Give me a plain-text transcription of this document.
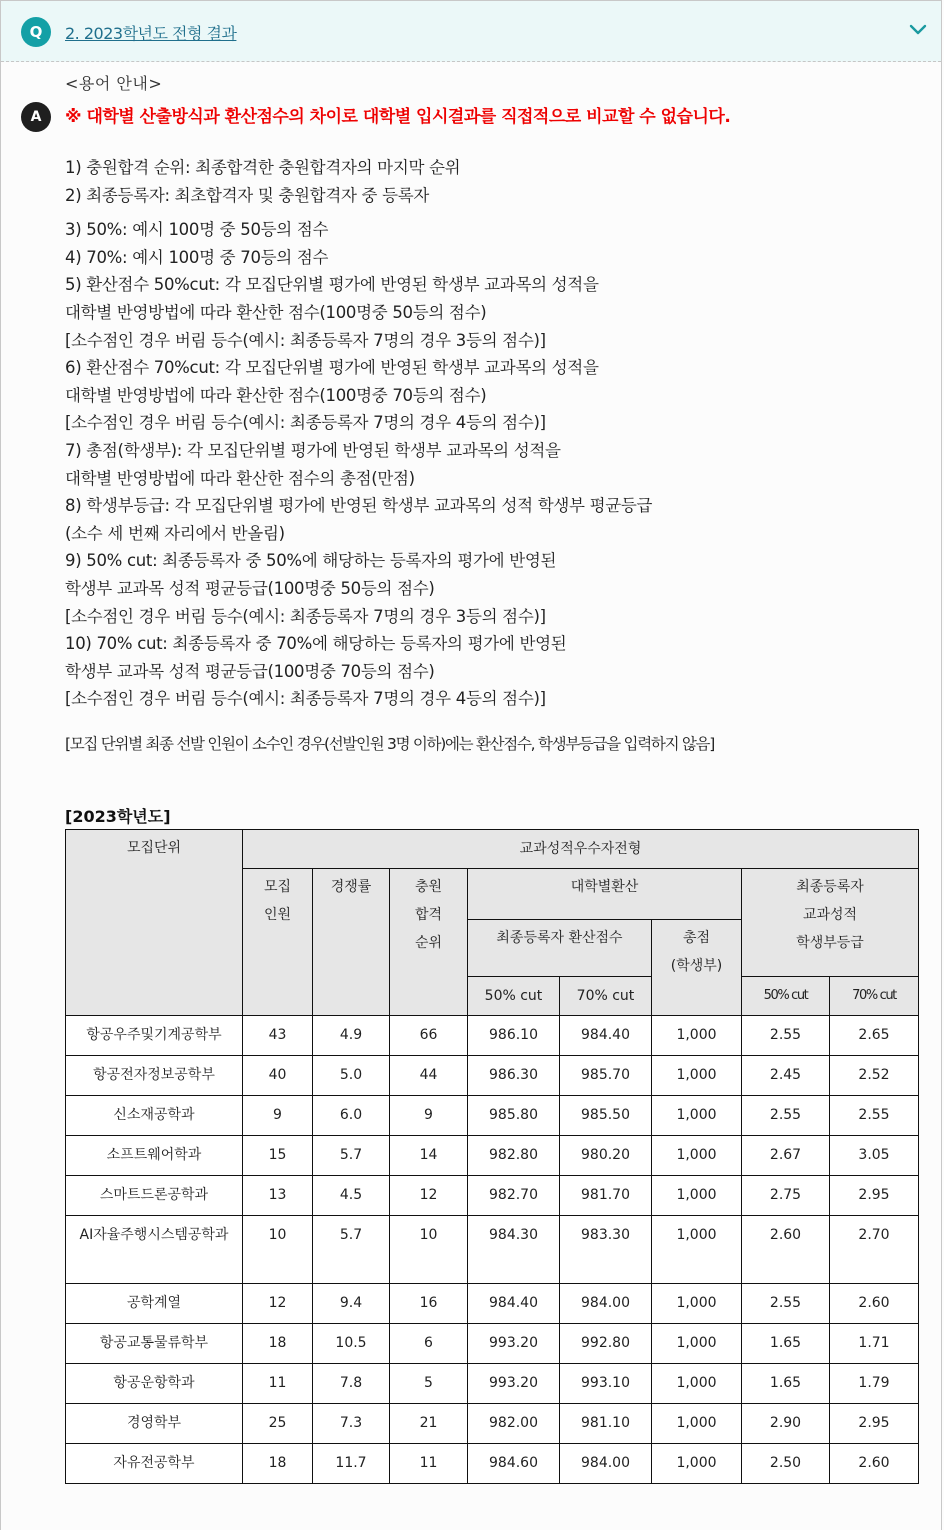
Q	2. 2023학년도 전형 결과
A
<용어 안내>
※ 대학별 산출방식과 환산점수의 차이로 대학별 입시결과를 직접적으로 비교할 수 없습니다.
1) 충원합격 순위: 최종합격한 충원합격자의 마지막 순위
2) 최종등록자: 최초합격자 및 충원합격자 중 등록자
3) 50%: 예시 100명 중 50등의 점수
4) 70%: 예시 100명 중 70등의 점수
5) 환산점수 50%cut: 각 모집단위별 평가에 반영된 학생부 교과목의 성적을
대학별 반영방법에 따라 환산한 점수(100명중 50등의 점수)
[소수점인 경우 버림 등수(예시: 최종등록자 7명의 경우 3등의 점수)]
6) 환산점수 70%cut: 각 모집단위별 평가에 반영된 학생부 교과목의 성적을
대학별 반영방법에 따라 환산한 점수(100명중 70등의 점수)
[소수점인 경우 버림 등수(예시: 최종등록자 7명의 경우 4등의 점수)]
7) 총점(학생부): 각 모집단위별 평가에 반영된 학생부 교과목의 성적을
대학별 반영방법에 따라 환산한 점수의 총점(만점)
8) 학생부등급: 각 모집단위별 평가에 반영된 학생부 교과목의 성적 학생부 평균등급
(소수 세 번째 자리에서 반올림)
9) 50% cut: 최종등록자 중 50%에 해당하는 등록자의 평가에 반영된
학생부 교과목 성적 평균등급(100명중 50등의 점수)
[소수점인 경우 버림 등수(예시: 최종등록자 7명의 경우 3등의 점수)]
10) 70% cut: 최종등록자 중 70%에 해당하는 등록자의 평가에 반영된
학생부 교과목 성적 평균등급(100명중 70등의 점수)
[소수점인 경우 버림 등수(예시: 최종등록자 7명의 경우 4등의 점수)]
[모집 단위별 최종 선발 인원이 소수인 경우(선발인원 3명 이하)에는 환산점수, 학생부등급을 입력하지 않음]
[2023학년도]
모집단위	교과성적우수자전형							

모집
인원
	경쟁률	충원
합격
순위
	대학별환산	최종등록자
교과성적
학생부등급

				최종등록자 환산점수		총점
(학생부)		

				50% cut	70% cut		50% cut	70% cut
항공우주및기계공학부	43	4.9	66	986.10	984.40	1,000	2.55	2.65
항공전자정보공학부	40	5.0	44	986.30	985.70	1,000	2.45	2.52
신소재공학과	9	6.0	9	985.80	985.50	1,000	2.55	2.55
소프트웨어학과	15	5.7	14	982.80	980.20	1,000	2.67	3.05
스마트드론공학과	13	4.5	12	982.70	981.70	1,000	2.75	2.95
AI자율주행시스템공학과	10	5.7	10	984.30	983.30	1,000	2.60	2.70
공학계열	12	9.4	16	984.40	984.00	1,000	2.55	2.60
항공교통물류학부	18	10.5	6	993.20	992.80	1,000	1.65	1.71
항공운항학과	11	7.8	5	993.20	993.10	1,000	1.65	1.79
경영학부	25	7.3	21	982.00	981.10	1,000	2.90	2.95
자유전공학부	18	11.7	11	984.60	984.00	1,000	2.50	2.60
